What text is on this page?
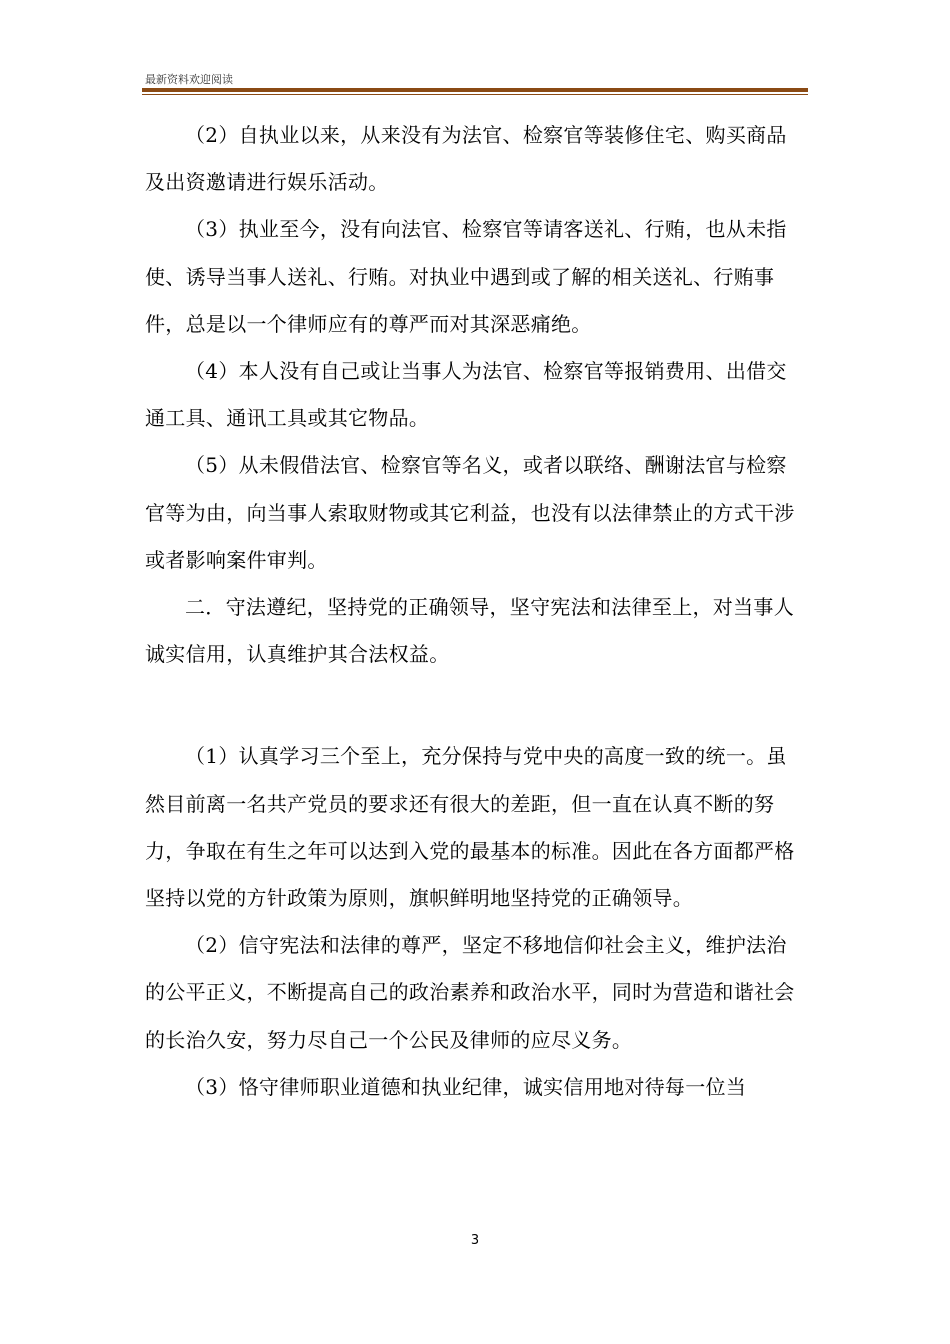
最新资料欢迎阅读

（2）自执业以来，从来没有为法官、检察官等装修住宅、购买商品及出资邀请进行娱乐活动。

（3）执业至今，没有向法官、检察官等请客送礼、行贿，也从未指使、诱导当事人送礼、行贿。对执业中遇到或了解的相关送礼、行贿事件，总是以一个律师应有的尊严而对其深恶痛绝。

（4）本人没有自己或让当事人为法官、检察官等报销费用、出借交通工具、通讯工具或其它物品。

（5）从未假借法官、检察官等名义，或者以联络、酬谢法官与检察官等为由，向当事人索取财物或其它利益，也没有以法律禁止的方式干涉或者影响案件审判。

二．守法遵纪，坚持党的正确领导，坚守宪法和法律至上，对当事人诚实信用，认真维护其合法权益。

（1）认真学习三个至上，充分保持与党中央的高度一致的统一。虽然目前离一名共产党员的要求还有很大的差距，但一直在认真不断的努力，争取在有生之年可以达到入党的最基本的标准。因此在各方面都严格坚持以党的方针政策为原则，旗帜鲜明地坚持党的正确领导。

（2）信守宪法和法律的尊严，坚定不移地信仰社会主义，维护法治的公平正义，不断提高自己的政治素养和政治水平，同时为营造和谐社会的长治久安，努力尽自己一个公民及律师的应尽义务。

（3）恪守律师职业道德和执业纪律，诚实信用地对待每一位当

3
